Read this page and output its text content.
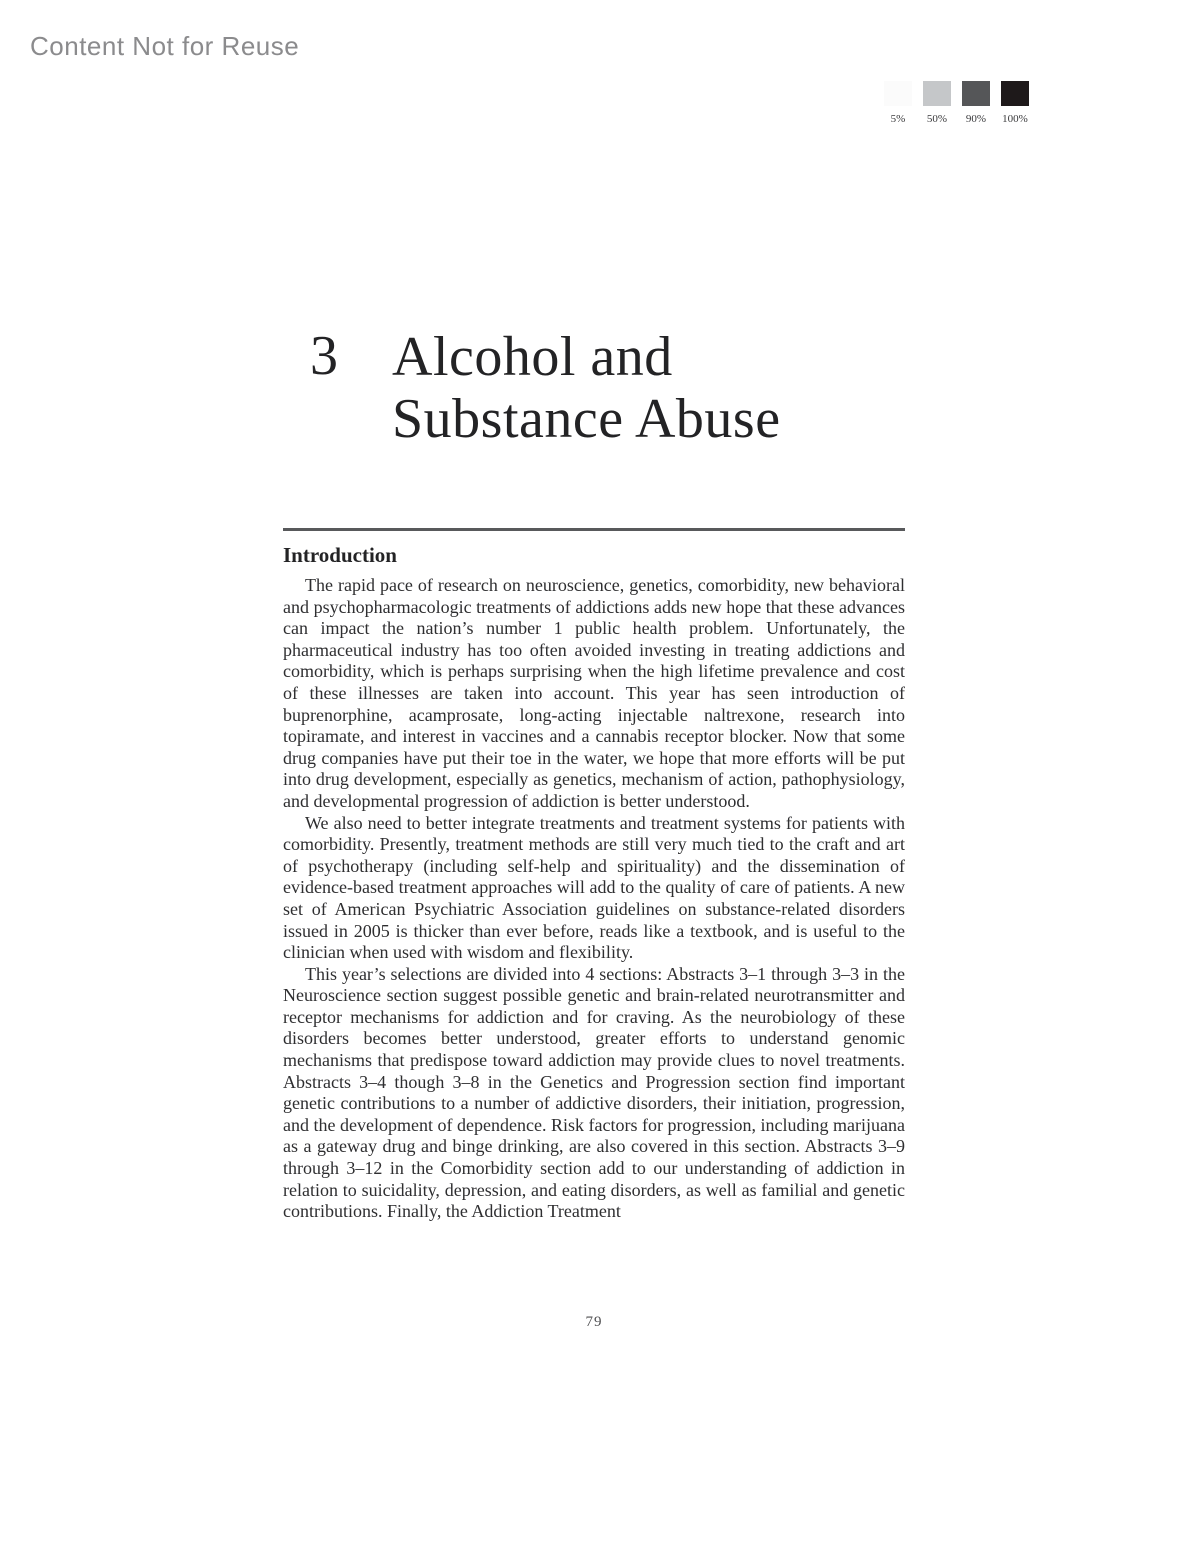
Content Not for Reuse
5% 50% 90% 100%
3 Alcohol and
Substance Abuse
Introduction

The rapid pace of research on neuroscience, genetics, comorbidity, new behavioral and psychopharmacologic treatments of addictions adds new hope that these advances can impact the nation’s number 1 public health problem. Unfortunately, the pharmaceutical industry has too often avoided investing in treating addictions and comorbidity, which is perhaps surprising when the high lifetime prevalence and cost of these illnesses are taken into account. This year has seen introduction of buprenorphine, acamprosate, long-acting injectable naltrexone, research into topiramate, and interest in vaccines and a cannabis receptor blocker. Now that some drug companies have put their toe in the water, we hope that more efforts will be put into drug development, especially as genetics, mechanism of action, pathophysiology, and developmental progression of addiction is better understood.

We also need to better integrate treatments and treatment systems for patients with comorbidity. Presently, treatment methods are still very much tied to the craft and art of psychotherapy (including self-help and spirituality) and the dissemination of evidence-based treatment approaches will add to the quality of care of patients. A new set of American Psychiatric Association guidelines on substance-related disorders issued in 2005 is thicker than ever before, reads like a textbook, and is useful to the clinician when used with wisdom and flexibility.

This year’s selections are divided into 4 sections: Abstracts 3–1 through 3–3 in the Neuroscience section suggest possible genetic and brain-related neurotransmitter and receptor mechanisms for addiction and for craving. As the neurobiology of these disorders becomes better understood, greater efforts to understand genomic mechanisms that predispose toward addiction may provide clues to novel treatments. Abstracts 3–4 though 3–8 in the Genetics and Progression section find important genetic contributions to a number of addictive disorders, their initiation, progression, and the development of dependence. Risk factors for progression, including marijuana as a gateway drug and binge drinking, are also covered in this section. Abstracts 3–9 through 3–12 in the Comorbidity section add to our understanding of addiction in relation to suicidality, depression, and eating disorders, as well as familial and genetic contributions. Finally, the Addiction Treatment

79
